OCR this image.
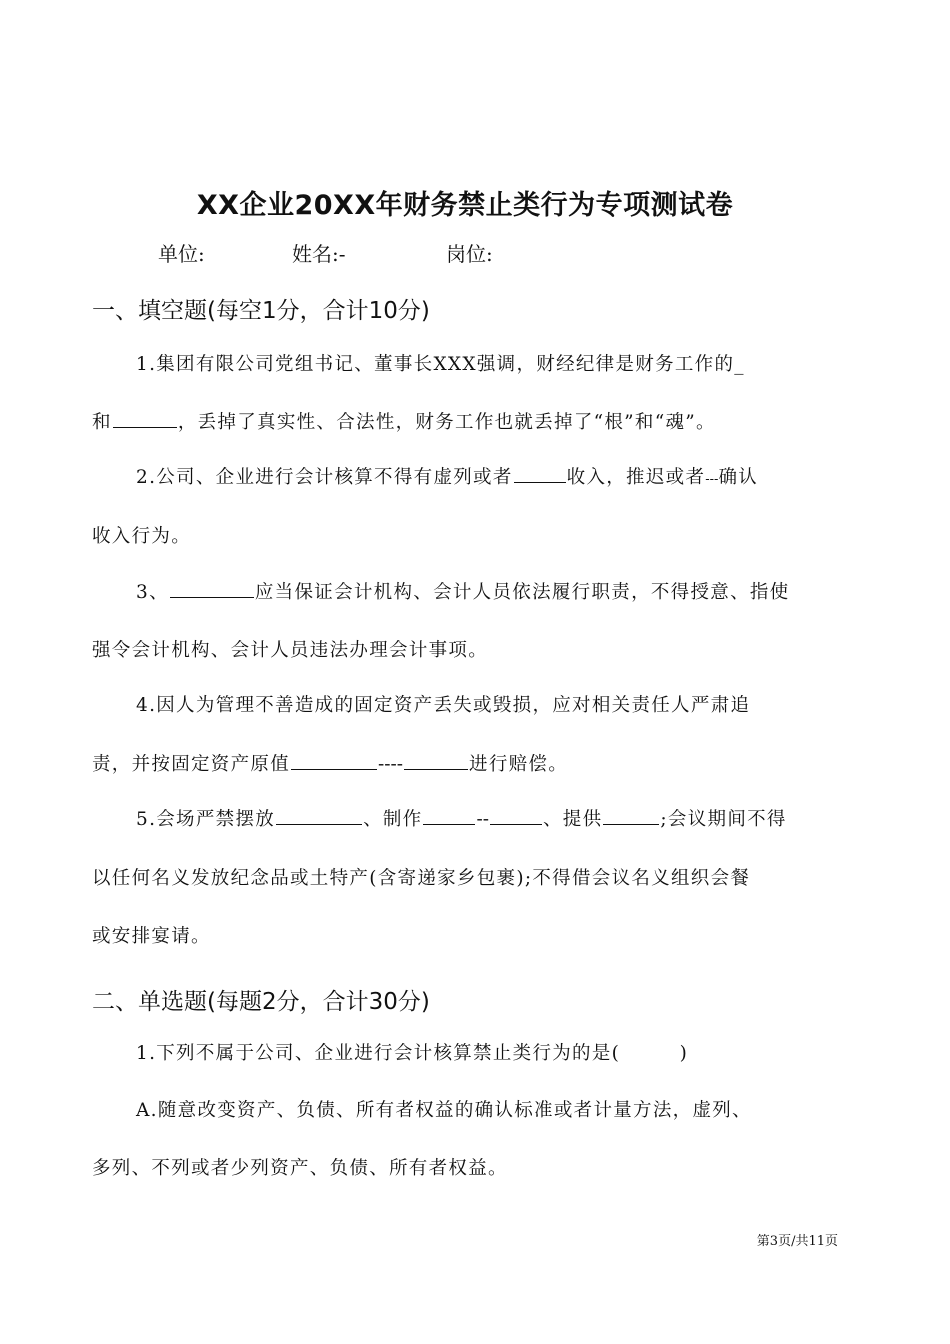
XX企业20XX年财务禁止类行为专项测试卷
单位:	姓名:-	岗位:
一、填空题(每空1分，合计10分)
1.集团有限公司党组书记、董事长XXX强调，财经纪律是财务工作的_
和	，丢掉了真实性、合法性，财务工作也就丢掉了“根”和“魂”。
2.公司、企业进行会计核算不得有虚列或者	收入，推迟或者---确认
收入行为。
3、	应当保证会计机构、会计人员依法履行职责，不得授意、指使
强令会计机构、会计人员违法办理会计事项。
4.因人为管理不善造成的固定资产丢失或毁损，应对相关责任人严肃追
责，并按固定资产原值	----	进行赔偿。
5.会场严禁摆放	、制作	--	、提供	;会议期间不得
以任何名义发放纪念品或土特产(含寄递家乡包裹);不得借会议名义组织会餐
或安排宴请。
二、单选题(每题2分，合计30分)
1.下列不属于公司、企业进行会计核算禁止类行为的是(　　　)
A.随意改变资产、负债、所有者权益的确认标准或者计量方法，虚列、
多列、不列或者少列资产、负债、所有者权益。
第3页/共11页
